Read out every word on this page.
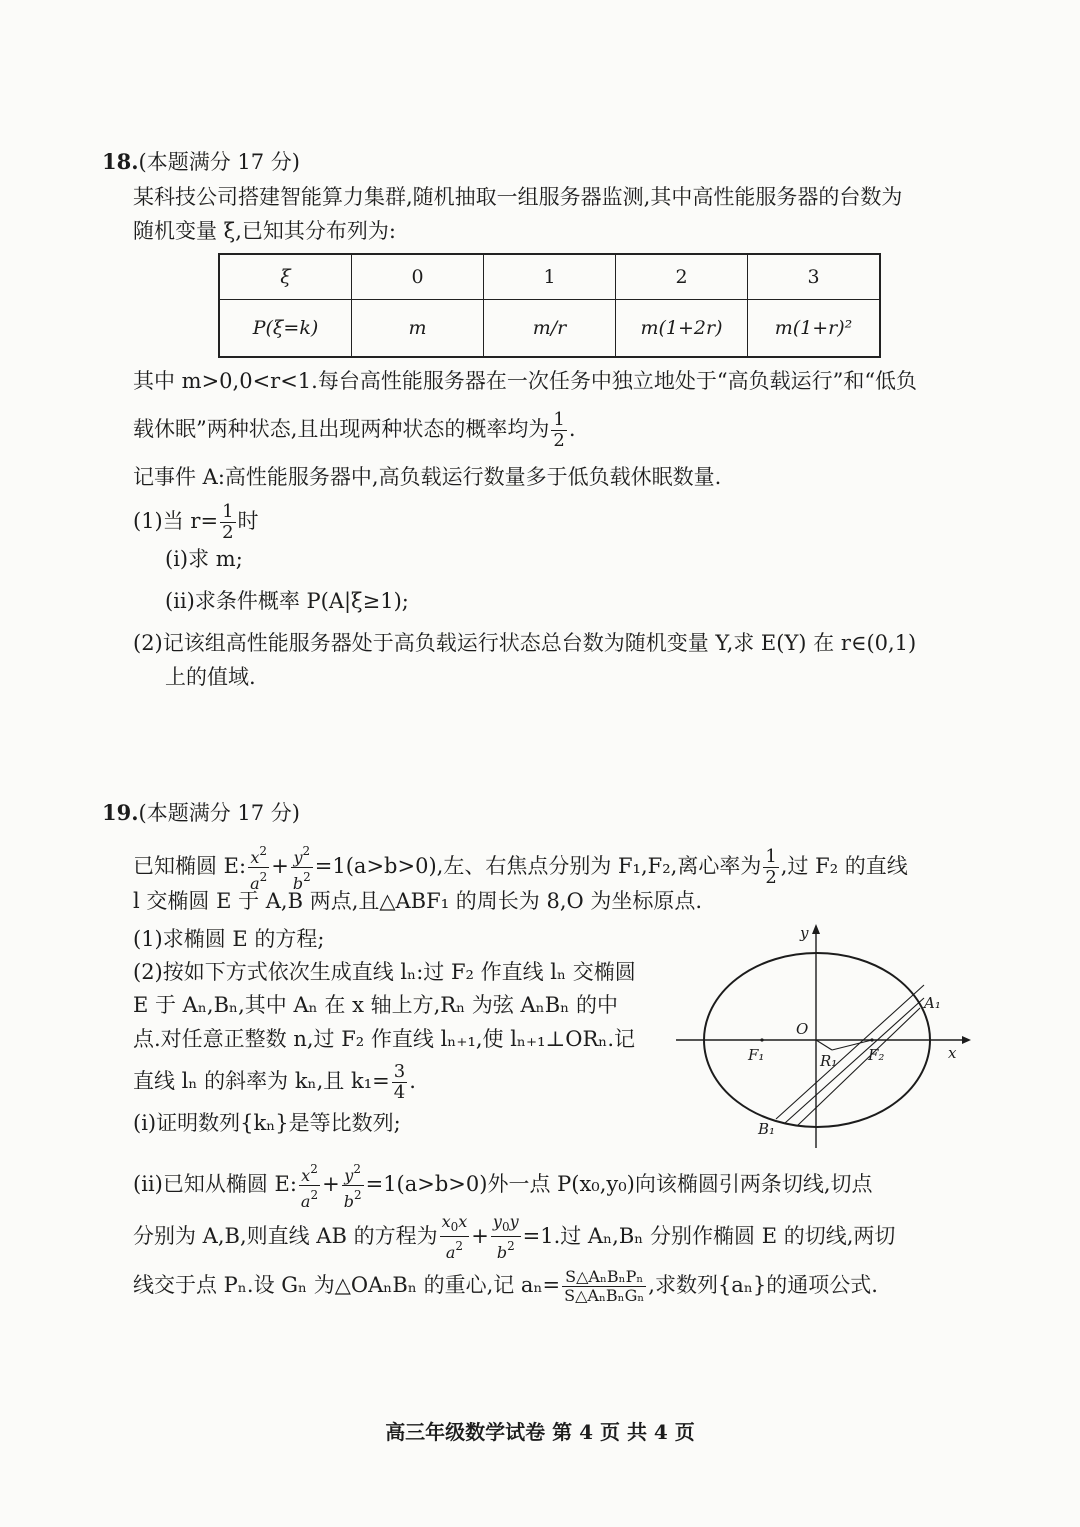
18.(本题满分 17 分)
某科技公司搭建智能算力集群,随机抽取一组服务器监测,其中高性能服务器的台数为
随机变量 ξ,已知其分布列为:
ξ	0	1	2	3
P(ξ=k)	m	m/r	m(1+2r)	m(1+r)²
其中 m>0,0<r<1.每台高性能服务器在一次任务中独立地处于“高负载运行”和“低负
载休眠”两种状态,且出现两种状态的概率均为 $\frac{1}{2}$ .
记事件 A:高性能服务器中,高负载运行数量多于低负载休眠数量.
(1)当 $r= \frac{1}{2}$ 时
(ⅰ)求 m;
(ⅱ)求条件概率 P(A|ξ≥1);
(2)记该组高性能服务器处于高负载运行状态总台数为随机变量 Y,求 E(Y) 在 r∈(0,1)
上的值域.
19.(本题满分 17 分)
已知椭圆 E: $\frac{x^2}{a^2} + \frac{y^2}{b^2} =1(a>b>0)$,左、右焦点分别为 F₁,F₂,离心率为 $\frac{1}{2}$ ,过 F₂ 的直线
l 交椭圆 E 于 A,B 两点,且△ABF₁ 的周长为 8,O 为坐标原点.
(1)求椭圆 E 的方程;
(2)按如下方式依次生成直线 lₙ:过 F₂ 作直线 lₙ 交椭圆
E 于 Aₙ,Bₙ,其中 Aₙ 在 x 轴上方,Rₙ 为弦 AₙBₙ 的中
点.对任意正整数 n,过 F₂ 作直线 lₙ₊₁,使 lₙ₊₁⊥ORₙ.记
直线 lₙ 的斜率为 kₙ,且 $k_1= \frac{3}{4}$ .
(ⅰ)证明数列{kₙ}是等比数列;
(ⅱ)已知从椭圆 E: $\frac{x^2}{a^2} + \frac{y^2}{b^2} =1(a>b>0)$外一点 P(x₀,y₀)向该椭圆引两条切线,切点
分别为 A,B,则直线 AB 的方程为 $\frac{x_0x}{a^2} + \frac{y_0y}{b^2} =1$.过 Aₙ,Bₙ 分别作椭圆 E 的切线,两切
线交于点 Pₙ.设 Gₙ 为△OAₙBₙ 的重心,记 $a_n= \frac{\text{S△AₙBₙPₙ}}{\text{S△AₙBₙGₙ}}$ ,求数列{aₙ}的通项公式.
y
x
O
F₁	F₂
R₁
A₁
B₁
高三年级数学试卷 第 4 页 共 4 页
